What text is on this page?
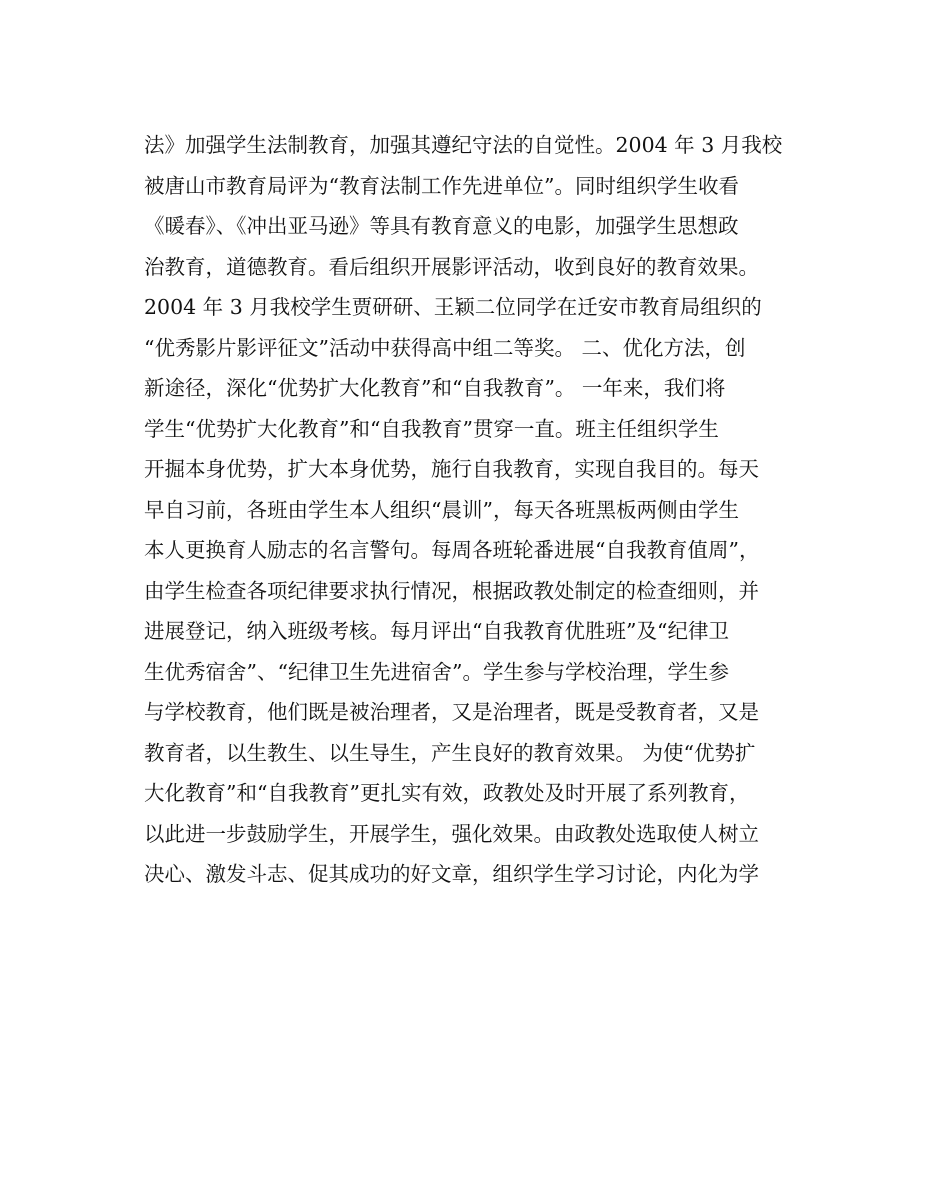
法》加强学生法制教育，加强其遵纪守法的自觉性。2004 年 3 月我校
被唐山市教育局评为“教育法制工作先进单位”。同时组织学生收看
《暖春》、《冲出亚马逊》等具有教育意义的电影，加强学生思想政
治教育，道德教育。看后组织开展影评活动，收到良好的教育效果。
2004 年 3 月我校学生贾研研、王颖二位同学在迁安市教育局组织的
“优秀影片影评征文”活动中获得高中组二等奖。 二、优化方法，创
新途径，深化“优势扩大化教育”和“自我教育”。 一年来，我们将
学生“优势扩大化教育”和“自我教育”贯穿一直。班主任组织学生
开掘本身优势，扩大本身优势，施行自我教育，实现自我目的。每天
早自习前，各班由学生本人组织“晨训”，每天各班黑板两侧由学生
本人更换育人励志的名言警句。每周各班轮番进展“自我教育值周”，
由学生检查各项纪律要求执行情况，根据政教处制定的检查细则，并
进展登记，纳入班级考核。每月评出“自我教育优胜班”及“纪律卫
生优秀宿舍”、“纪律卫生先进宿舍”。学生参与学校治理，学生参
与学校教育，他们既是被治理者，又是治理者，既是受教育者，又是
教育者，以生教生、以生导生，产生良好的教育效果。 为使“优势扩
大化教育”和“自我教育”更扎实有效，政教处及时开展了系列教育，
以此进一步鼓励学生，开展学生，强化效果。由政教处选取使人树立
决心、激发斗志、促其成功的好文章，组织学生学习讨论，内化为学
